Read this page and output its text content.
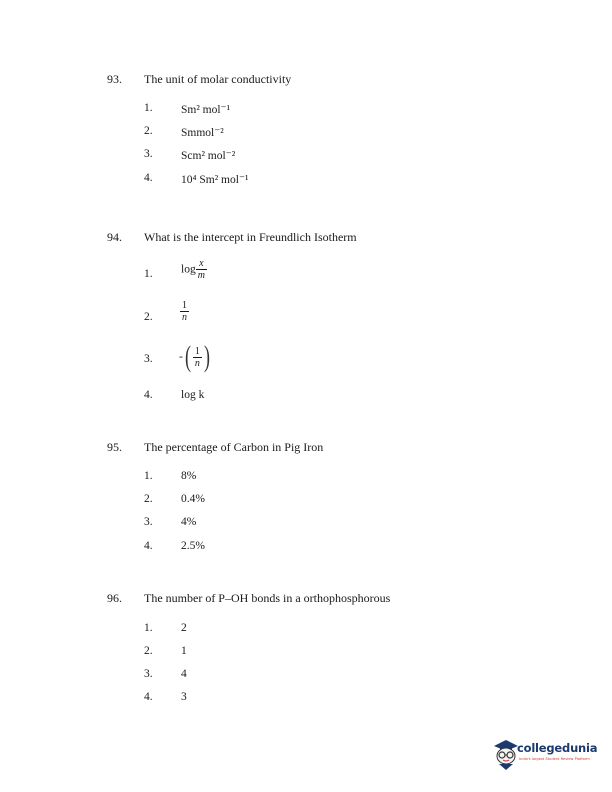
93. The unit of molar conductivity
1. Sm² mol⁻¹
2. Smmol⁻²
3. Scm² mol⁻²
4. 10⁴ Sm² mol⁻¹
94. What is the intercept in Freundlich Isotherm
1. $\log \frac{x}{m}$
2.	$\frac{1}{n}$
3. -( $\frac{1}{n}$ )
4. log k
95. The percentage of Carbon in Pig Iron
1. 8%
2. 0.4%
3. 4%
4. 2.5%
96. The number of P–OH bonds in a orthophosphorous
1. 2
2. 1
3. 4
4. 3
collegedunia
India's largest Student Review Platform
